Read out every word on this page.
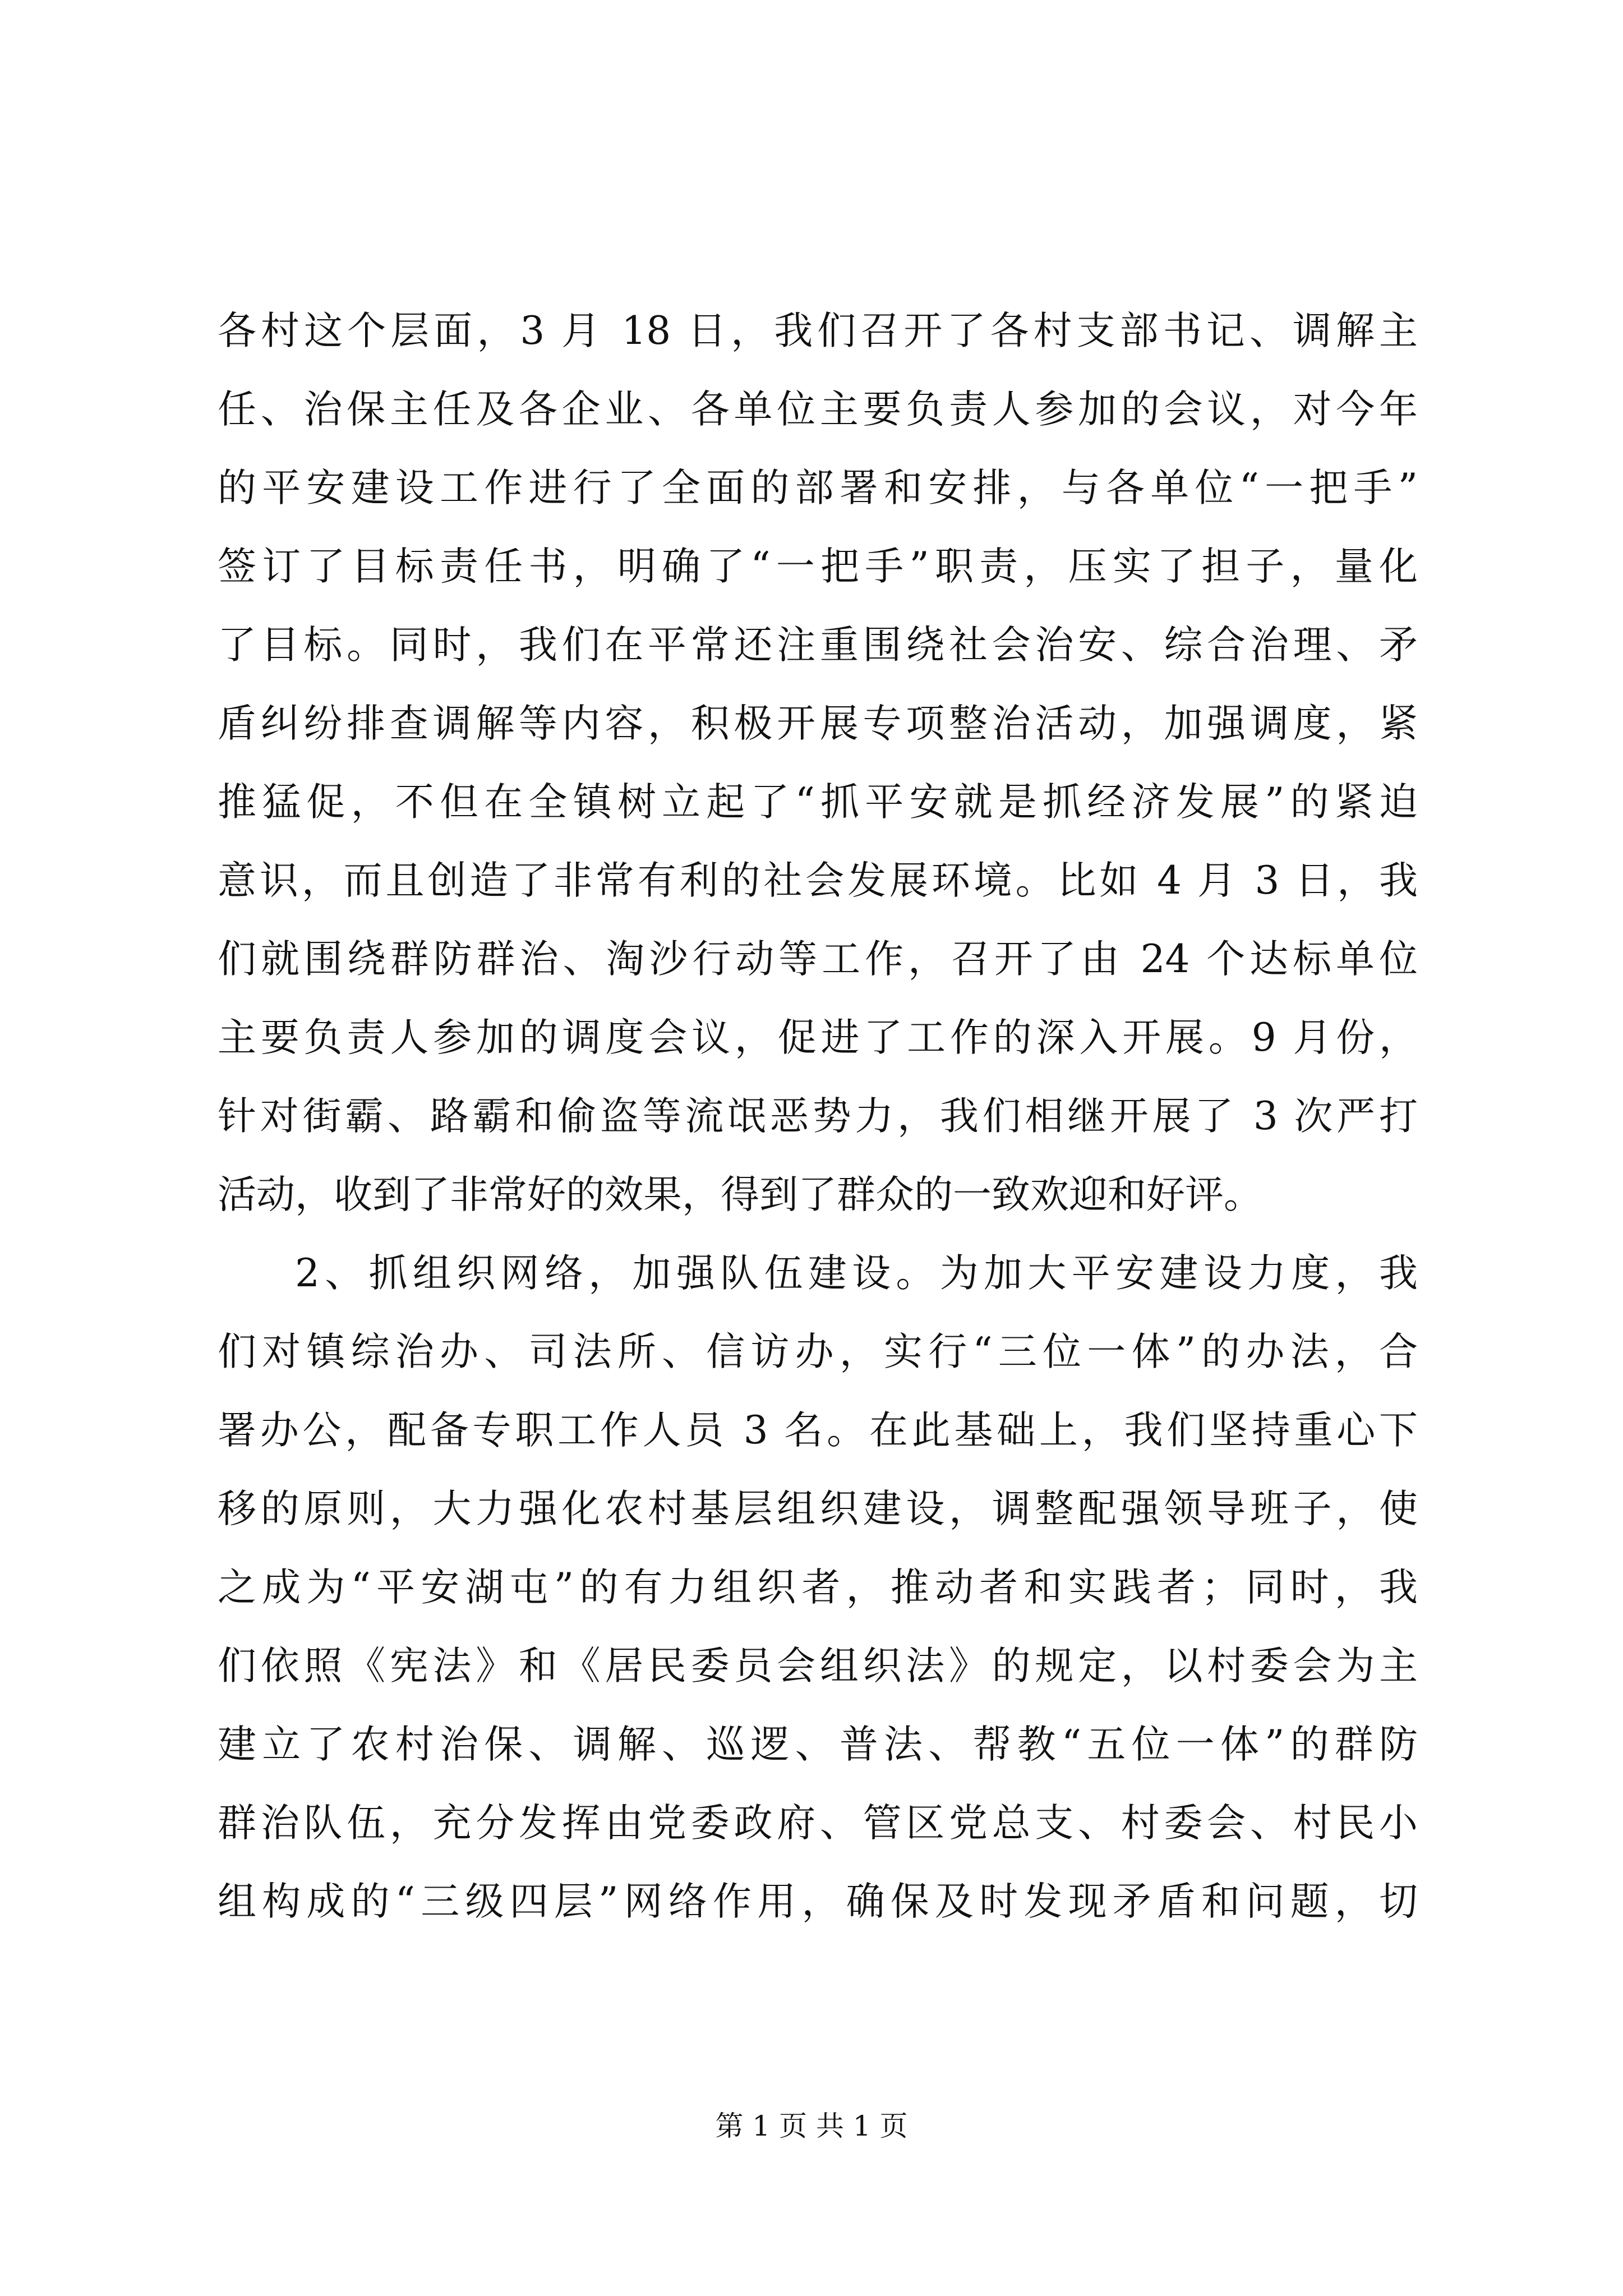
各村这个层面，3 月 18 日，我们召开了各村支部书记、调解主
任、治保主任及各企业、各单位主要负责人参加的会议，对今年
的平安建设工作进行了全面的部署和安排，与各单位“一把手”
签订了目标责任书，明确了“一把手”职责，压实了担子，量化
了目标。同时，我们在平常还注重围绕社会治安、综合治理、矛
盾纠纷排查调解等内容，积极开展专项整治活动，加强调度，紧
推猛促，不但在全镇树立起了“抓平安就是抓经济发展”的紧迫
意识，而且创造了非常有利的社会发展环境。比如 4 月 3 日，我
们就围绕群防群治、淘沙行动等工作，召开了由 24 个达标单位
主要负责人参加的调度会议，促进了工作的深入开展。9 月份，
针对街霸、路霸和偷盗等流氓恶势力，我们相继开展了 3 次严打
活动，收到了非常好的效果，得到了群众的一致欢迎和好评。
2、抓组织网络，加强队伍建设。为加大平安建设力度，我
们对镇综治办、司法所、信访办，实行“三位一体”的办法，合
署办公，配备专职工作人员 3 名。在此基础上，我们坚持重心下
移的原则，大力强化农村基层组织建设，调整配强领导班子，使
之成为“平安湖屯”的有力组织者，推动者和实践者；同时，我
们依照《宪法》和《居民委员会组织法》的规定，以村委会为主
建立了农村治保、调解、巡逻、普法、帮教“五位一体”的群防
群治队伍，充分发挥由党委政府、管区党总支、村委会、村民小
组构成的“三级四层”网络作用，确保及时发现矛盾和问题，切
第 1 页 共 1 页
